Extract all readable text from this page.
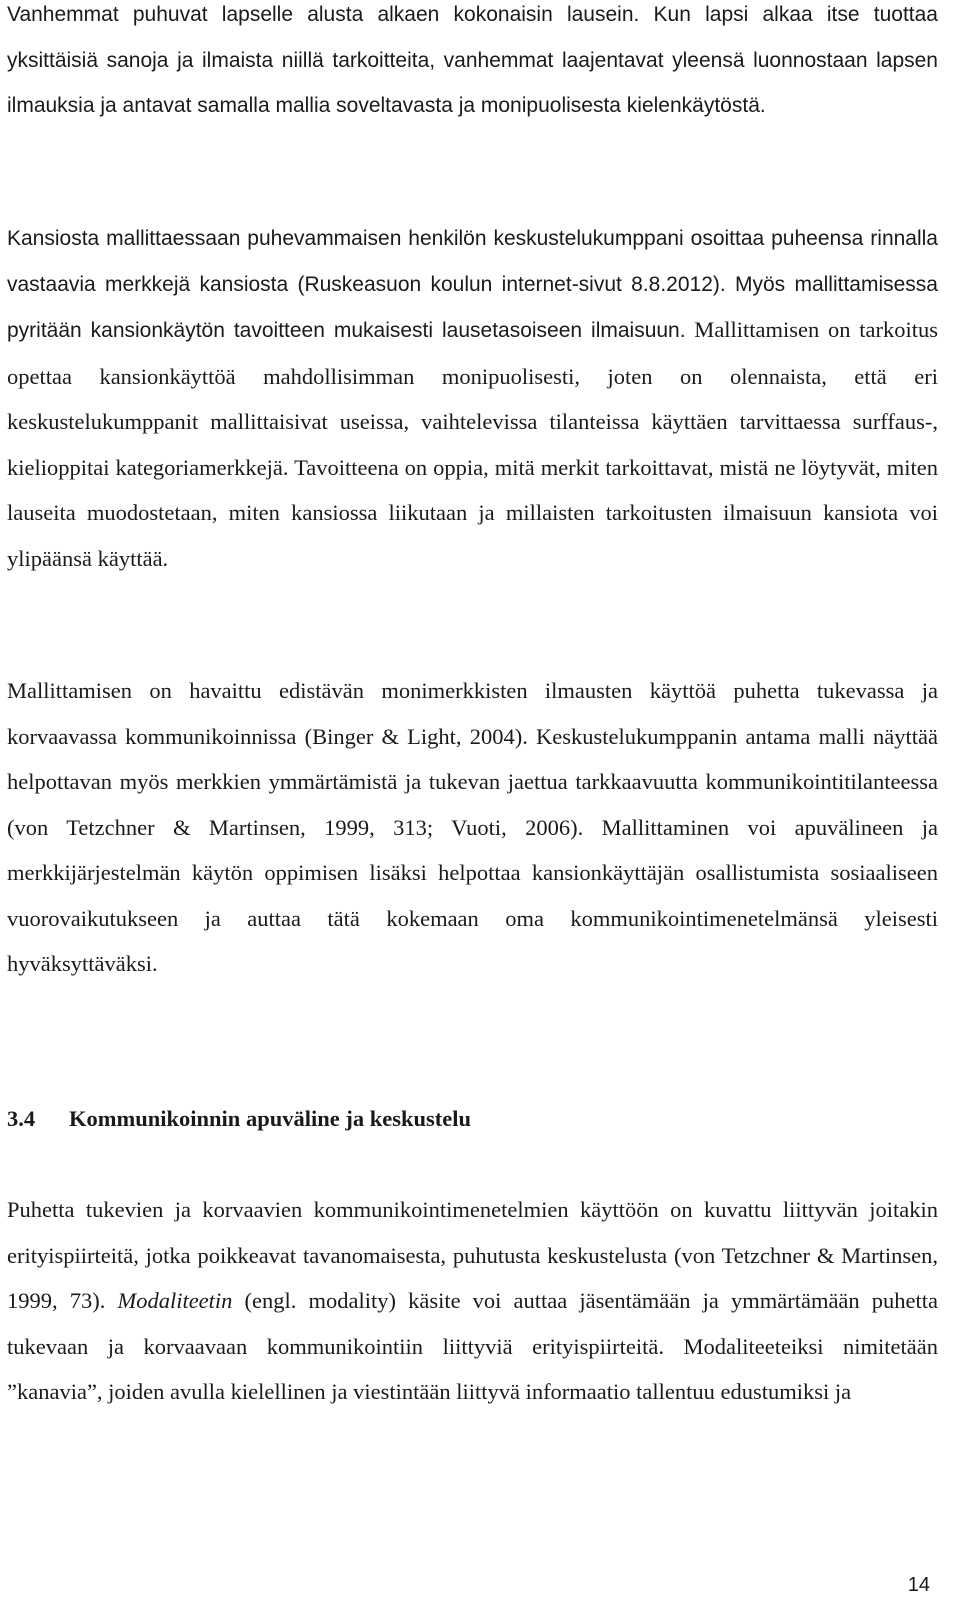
Vanhemmat puhuvat lapselle alusta alkaen kokonaisin lausein. Kun lapsi alkaa itse tuottaa yksittäisiä sanoja ja ilmaista niillä tarkoitteita, vanhemmat laajentavat yleensä luonnostaan lapsen ilmauksia ja antavat samalla mallia soveltavasta ja monipuolisesta kielenkäytöstä.

Kansiosta mallittaessaan puhevammaisen henkilön keskustelukumppani osoittaa puheensa rinnalla vastaavia merkkejä kansiosta (Ruskeasuon koulun internet-sivut 8.8.2012). Myös mallittamisessa pyritään kansionkäytön tavoitteen mukaisesti lausetasoiseen ilmaisuun. Mallittamisen on tarkoitus opettaa kansionkäyttöä mahdollisimman monipuolisesti, joten on olennaista, että eri keskustelukumppanit mallittaisivat useissa, vaihtelevissa tilanteissa käyttäen tarvittaessa surffaus-, kielioppitai kategoriamerkkejä. Tavoitteena on oppia, mitä merkit tarkoittavat, mistä ne löytyvät, miten lauseita muodostetaan, miten kansiossa liikutaan ja millaisten tarkoitusten ilmaisuun kansiota voi ylipäänsä käyttää.

Mallittamisen on havaittu edistävän monimerkkisten ilmausten käyttöä puhetta tukevassa ja korvaavassa kommunikoinnissa (Binger & Light, 2004). Keskustelukumppanin antama malli näyttää helpottavan myös merkkien ymmärtämistä ja tukevan jaettua tarkkaavuutta kommunikointitilanteessa (von Tetzchner & Martinsen, 1999, 313; Vuoti, 2006). Mallittaminen voi apuvälineen ja merkkijärjestelmän käytön oppimisen lisäksi helpottaa kansionkäyttäjän osallistumista sosiaaliseen vuorovaikutukseen ja auttaa tätä kokemaan oma kommunikointimenetelmänsä yleisesti hyväksyttäväksi.

3.4 Kommunikoinnin apuväline ja keskustelu

Puhetta tukevien ja korvaavien kommunikointimenetelmien käyttöön on kuvattu liittyvän joitakin erityispiirteitä, jotka poikkeavat tavanomaisesta, puhutusta keskustelusta (von Tetzchner & Martinsen, 1999, 73). Modaliteetin (engl. modality) käsite voi auttaa jäsentämään ja ymmärtämään puhetta tukevaan ja korvaavaan kommunikointiin liittyviä erityispiirteitä. Modaliteeteiksi nimitetään ”kanavia”, joiden avulla kielellinen ja viestintään liittyvä informaatio tallentuu edustumiksi ja

14
